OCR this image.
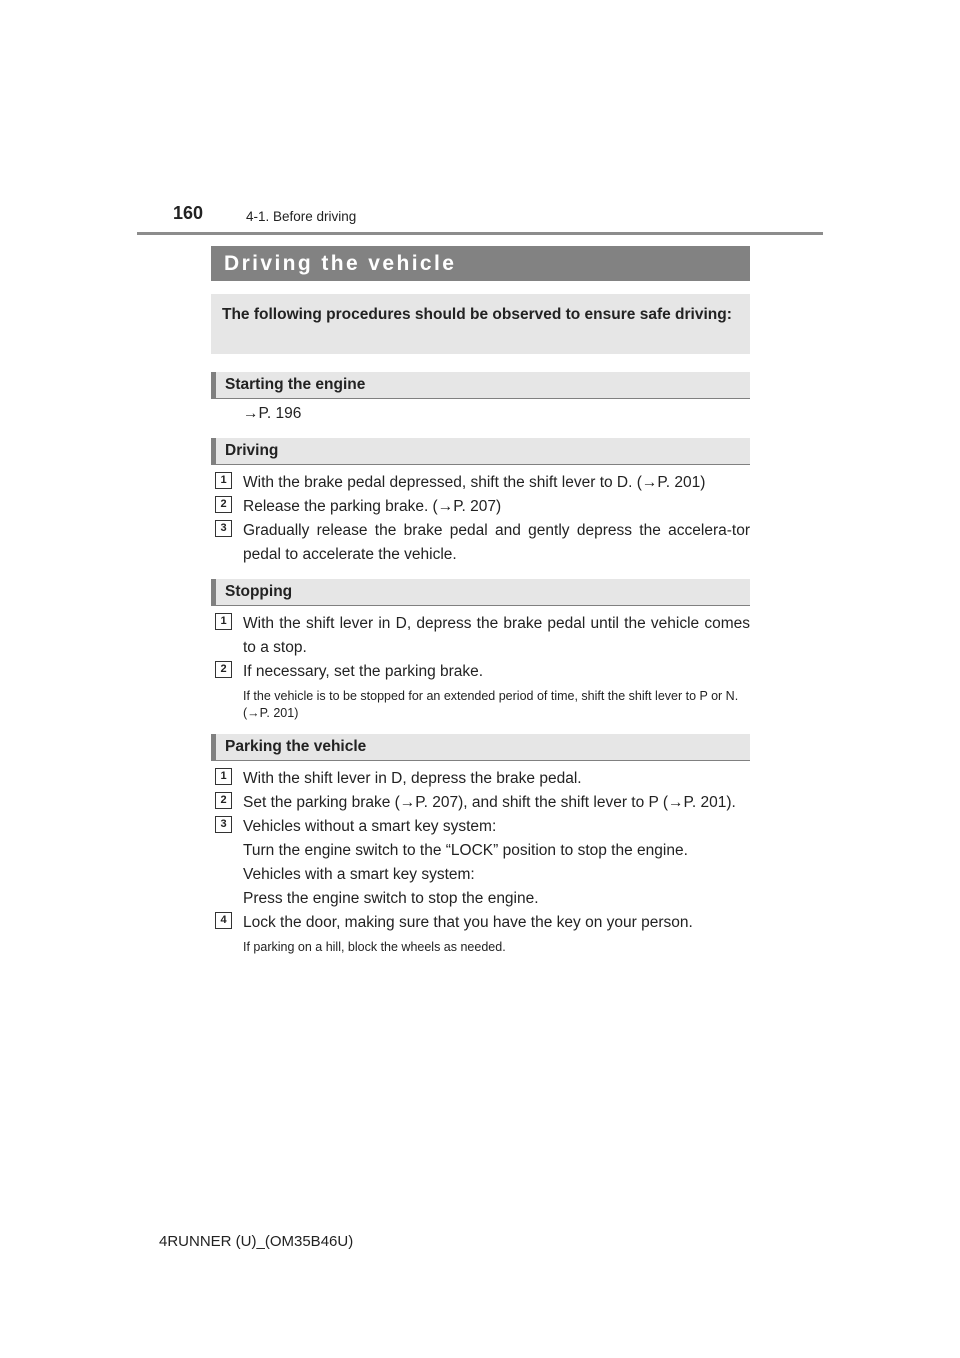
160	4-1. Before driving
Driving the vehicle
The following procedures should be observed to ensure safe driving:
Starting the engine
→P. 196
Driving
1	With the brake pedal depressed, shift the shift lever to D. (→P. 201)
2	Release the parking brake. (→P. 207)
3	Gradually release the brake pedal and gently depress the accelera-tor pedal to accelerate the vehicle.
Stopping
1	With the shift lever in D, depress the brake pedal until the vehicle comes to a stop.
2	If necessary, set the parking brake.
If the vehicle is to be stopped for an extended period of time, shift the shift lever to P or N. (→P. 201)
Parking the vehicle
1	With the shift lever in D, depress the brake pedal.
2	Set the parking brake (→P. 207), and shift the shift lever to P (→P. 201).
3	Vehicles without a smart key system:
Turn the engine switch to the “LOCK” position to stop the engine.
Vehicles with a smart key system:
Press the engine switch to stop the engine.
4	Lock the door, making sure that you have the key on your person.
If parking on a hill, block the wheels as needed.
4RUNNER (U)_(OM35B46U)
